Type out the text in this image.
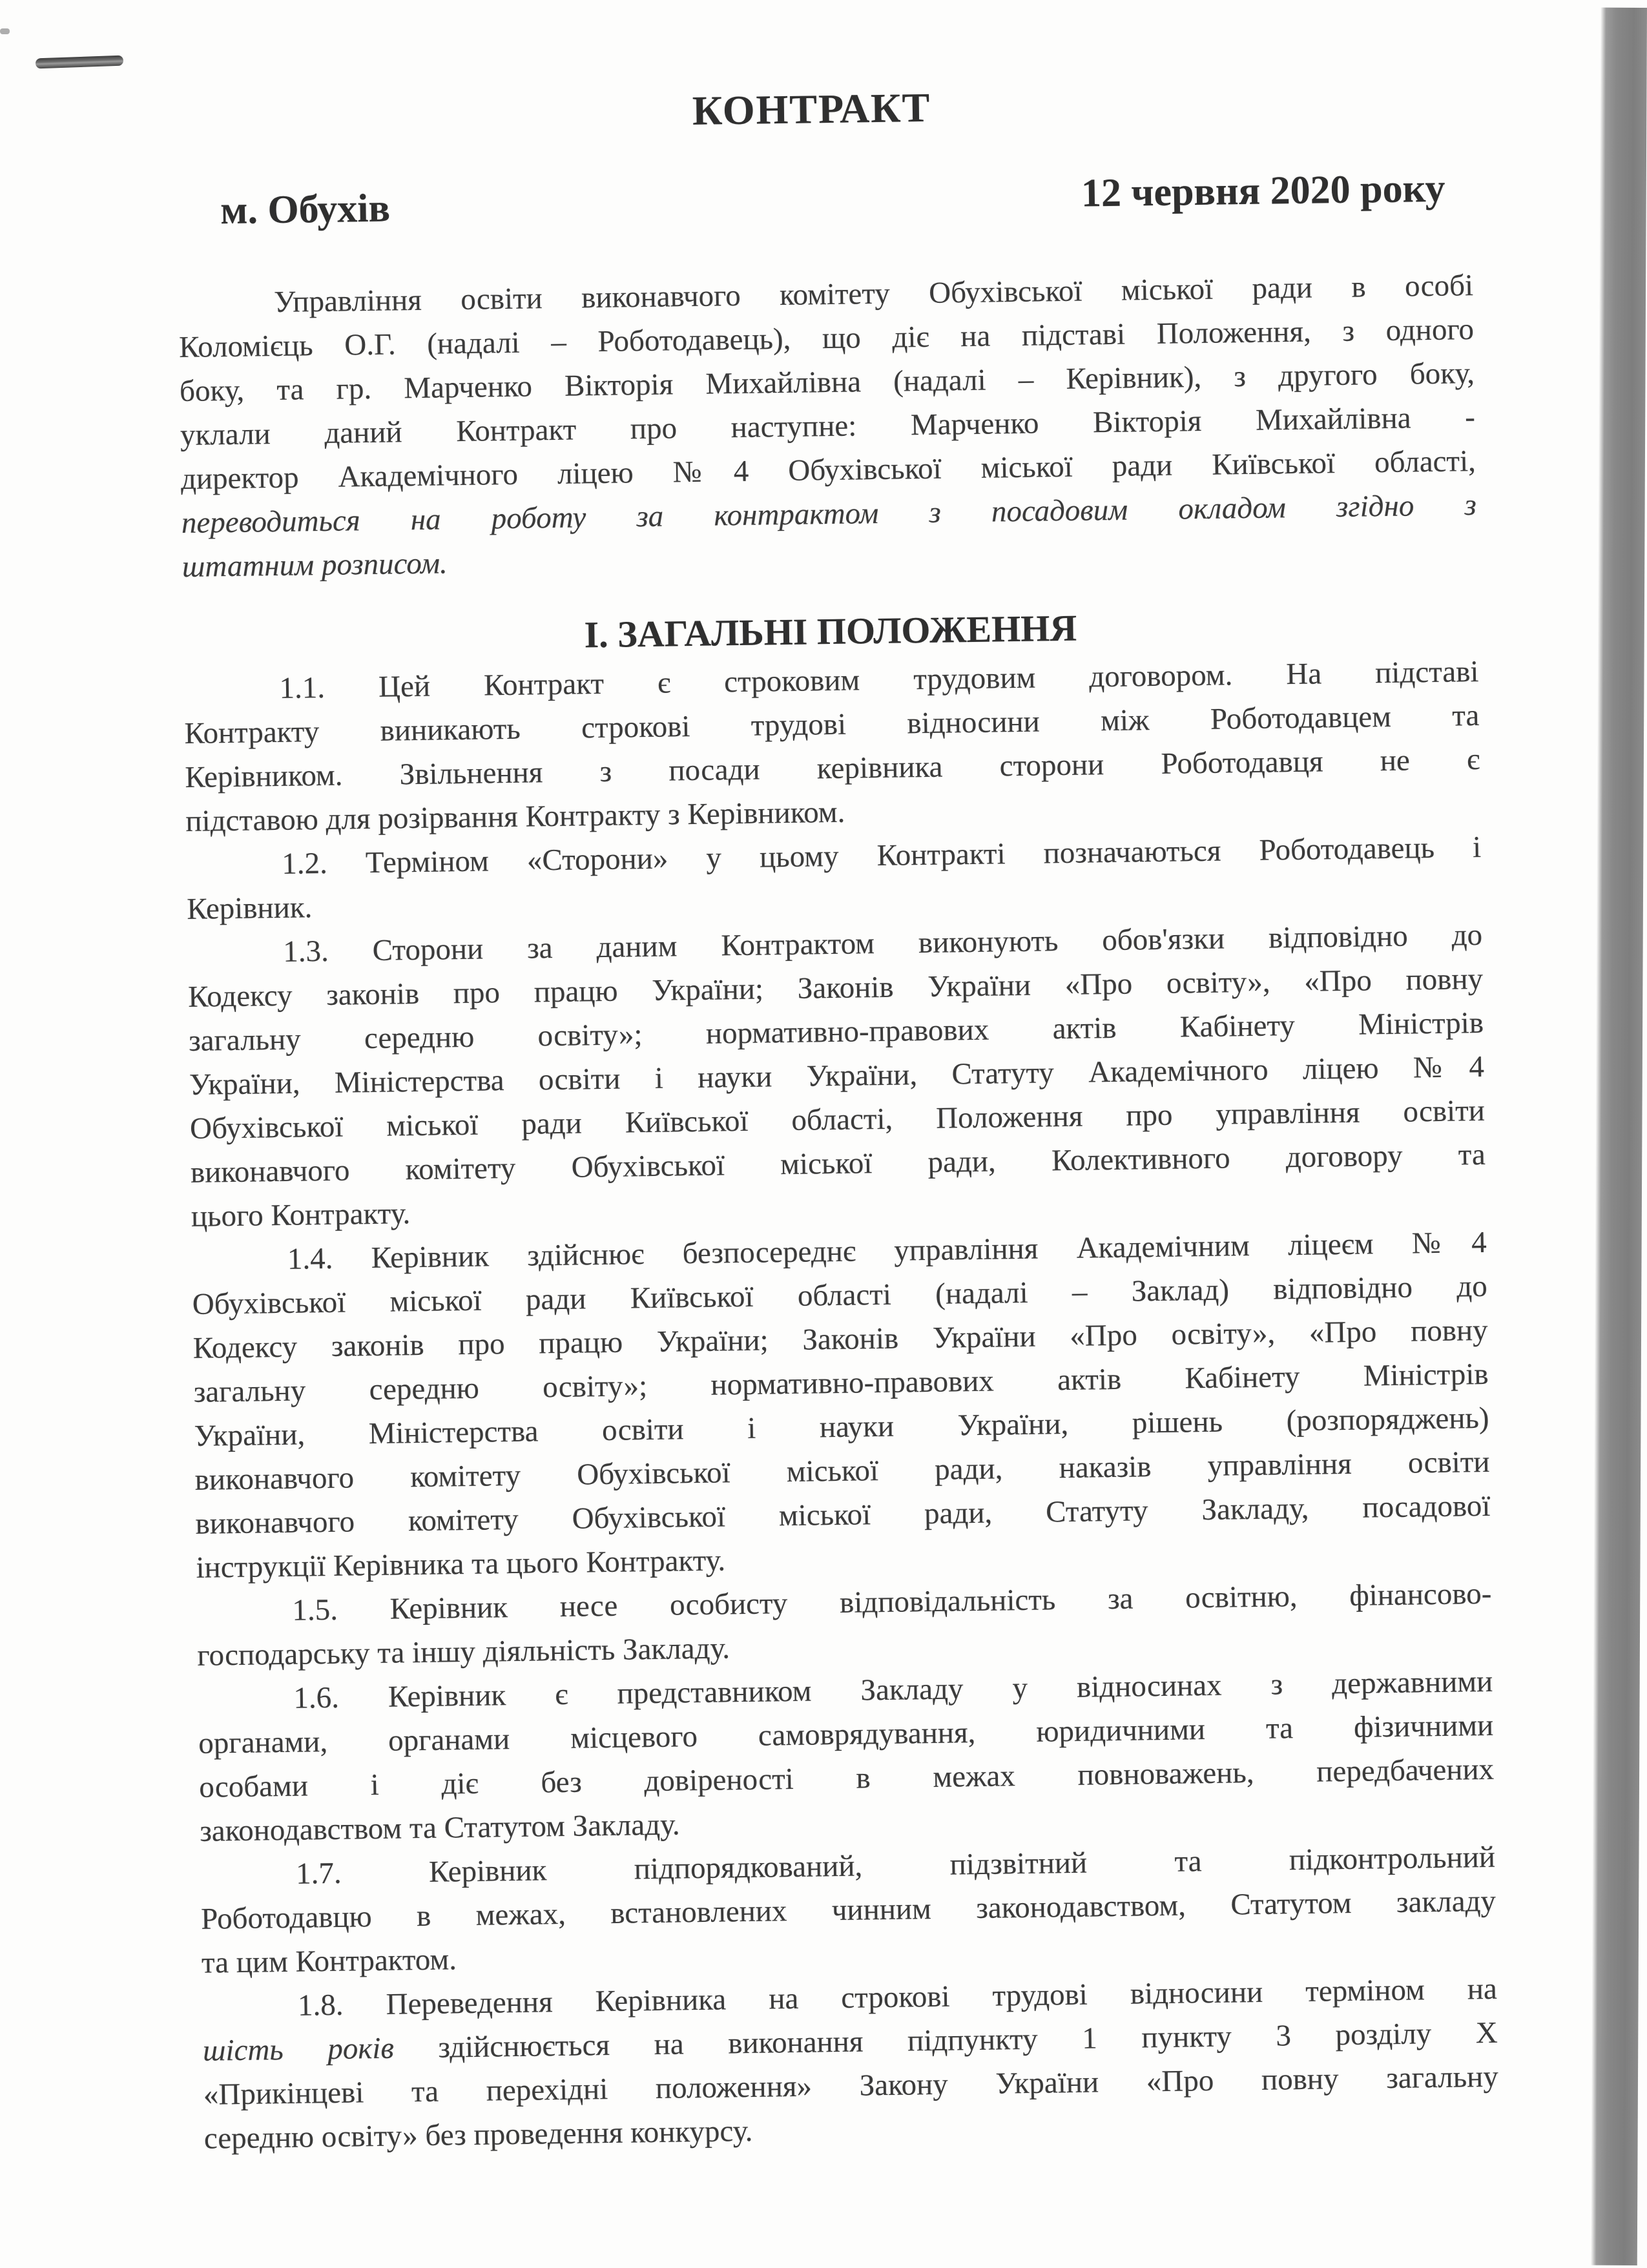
КОНТРАКТ
м. Обухів	12 червня 2020 року
Управління освіти виконавчого комітету Обухівської міської ради в особі
Коломієць О.Г. (надалі – Роботодавець), що діє на підставі Положення, з одного
боку, та гр. Марченко Вікторія Михайлівна (надалі – Керівник), з другого боку,
уклали даний Контракт про наступне: Марченко Вікторія Михайлівна -
директор Академічного ліцею №4 Обухівської міської ради Київської області,
переводиться на роботу за контрактом з посадовим окладом згідно з
штатним розписом.
І. ЗАГАЛЬНІ ПОЛОЖЕННЯ
1.1. Цей Контракт є строковим трудовим договором. На підставі
Контракту виникають строкові трудові відносини між Роботодавцем та
Керівником. Звільнення з посади керівника сторони Роботодавця не є
підставою для розірвання Контракту з Керівником.
1.2. Терміном «Сторони» у цьому Контракті позначаються Роботодавець і
Керівник.
1.3. Сторони за даним Контрактом виконують обов'язки відповідно до
Кодексу законів про працю України; Законів України «Про освіту», «Про повну
загальну середню освіту»; нормативно-правових актів Кабінету Міністрів
України, Міністерства освіти і науки України, Статуту Академічного ліцею №4
Обухівської міської ради Київської області, Положення про управління освіти
виконавчого комітету Обухівської міської ради, Колективного договору та
цього Контракту.
1.4. Керівник здійснює безпосереднє управління Академічним ліцеєм №4
Обухівської міської ради Київської області (надалі – Заклад) відповідно до
Кодексу законів про працю України; Законів України «Про освіту», «Про повну
загальну середню освіту»; нормативно-правових актів Кабінету Міністрів
України, Міністерства освіти і науки України, рішень (розпоряджень)
виконавчого комітету Обухівської міської ради, наказів управління освіти
виконавчого комітету Обухівської міської ради, Статуту Закладу, посадової
інструкції Керівника та цього Контракту.
1.5. Керівник несе особисту відповідальність за освітню, фінансово-
господарську та іншу діяльність Закладу.
1.6. Керівник є представником Закладу у відносинах з державними
органами, органами місцевого самоврядування, юридичними та фізичними
особами і діє без довіреності в межах повноважень, передбачених
законодавством та Статутом Закладу.
1.7. Керівник підпорядкований, підзвітний та підконтрольний
Роботодавцю в межах, встановлених чинним законодавством, Статутом закладу
та цим Контрактом.
1.8. Переведення Керівника на строкові трудові відносини терміном на
шість років здійснюється на виконання підпункту 1 пункту 3 розділу X
«Прикінцеві та перехідні положення» Закону України «Про повну загальну
середню освіту» без проведення конкурсу.
